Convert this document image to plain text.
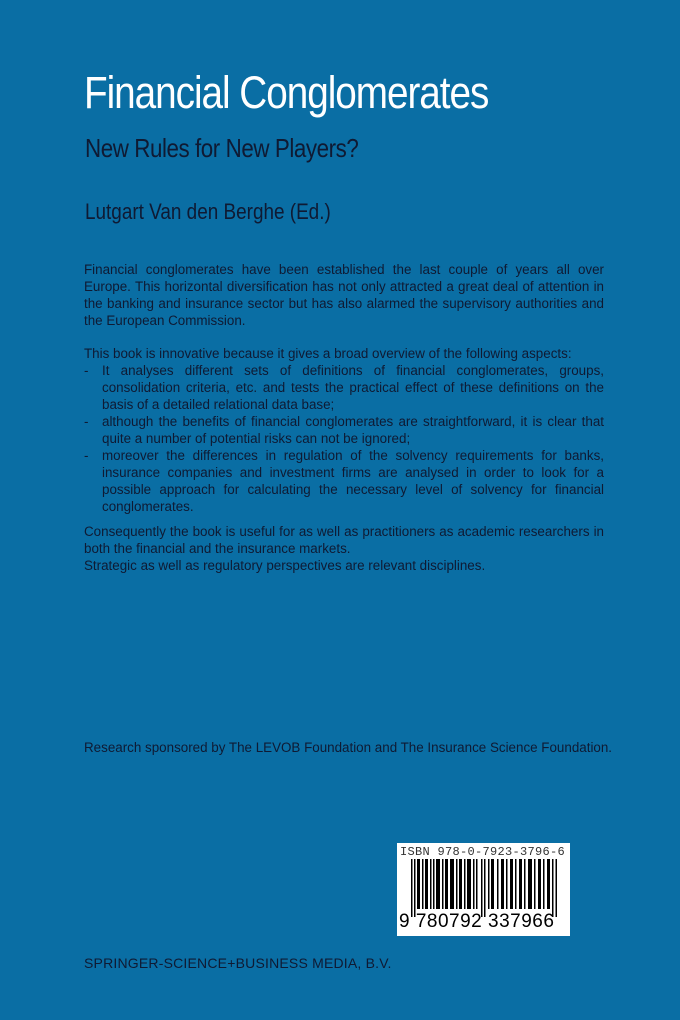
Financial Conglomerates
New Rules for New Players?
Lutgart Van den Berghe (Ed.)

Financial conglomerates have been established the last couple of years all over Europe. This horizontal diversification has not only attracted a great deal of attention in the banking and insurance sector but has also alarmed the supervisory authorities and the European Commission.

This book is innovative because it gives a broad overview of the following aspects:

- It analyses different sets of definitions of financial conglomerates, groups, consolidation criteria, etc. and tests the practical effect of these definitions on the basis of a detailed relational data base;
- although the benefits of financial conglomerates are straightforward, it is clear that quite a number of potential risks can not be ignored;
- moreover the differences in regulation of the solvency requirements for banks, insurance companies and investment firms are analysed in order to look for a possible approach for calculating the necessary level of solvency for financial conglomerates.

Consequently the book is useful for as well as practitioners as academic researchers in both the financial and the insurance markets.

Strategic as well as regulatory perspectives are relevant disciplines.

Research sponsored by The LEVOB Foundation and The Insurance Science Foundation.
ISBN 978-0-7923-3796-6
9 780792 337966
SPRINGER-SCIENCE+BUSINESS MEDIA, B.V.
